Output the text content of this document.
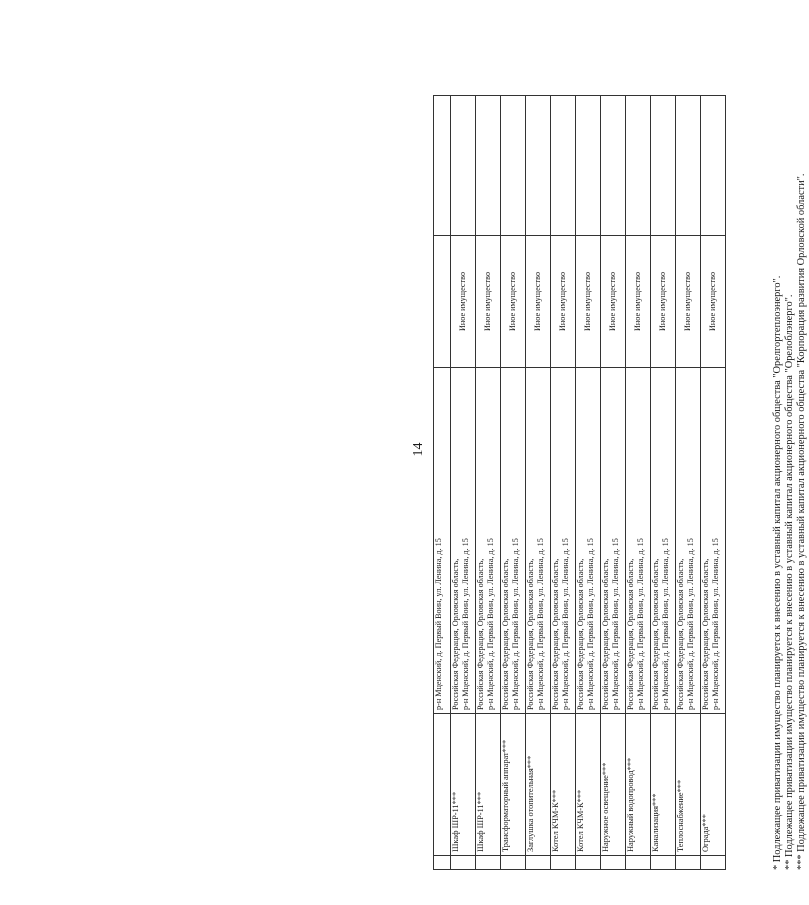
14

		р-н Мценский, д. Первый Воин, ул. Ленина, д. 15		

	Шкаф ШР-11***	Российская Федерация, Орловская область, р-н Мценский, д. Первый Воин, ул. Ленина, д. 15	Иное имущество	
	Шкаф ШР-11***	Российская Федерация, Орловская область, р-н Мценский, д. Первый Воин, ул. Ленина, д. 15	Иное имущество	
	Трансформаторный аппарат***	Российская Федерация, Орловская область, р-н Мценский, д. Первый Воин, ул. Ленина, д. 15	Иное имущество	
	Заглушка отопительная***	Российская Федерация, Орловская область, р-н Мценский, д. Первый Воин, ул. Ленина, д. 15	Иное имущество	
	Котел КЧМ-К***	Российская Федерация, Орловская область, р-н Мценский, д. Первый Воин, ул. Ленина, д. 15	Иное имущество	
	Котел КЧМ-К***	Российская Федерация, Орловская область, р-н Мценский, д. Первый Воин, ул. Ленина, д. 15	Иное имущество	
	Наружное освещение***	Российская Федерация, Орловская область, р-н Мценский, д. Первый Воин, ул. Ленина, д. 15	Иное имущество	
	Наружный водопровод***	Российская Федерация, Орловская область, р-н Мценский, д. Первый Воин, ул. Ленина, д. 15	Иное имущество	
	Канализация***	Российская Федерация, Орловская область, р-н Мценский, д. Первый Воин, ул. Ленина, д. 15	Иное имущество	
	Теплоснабжение***	Российская Федерация, Орловская область, р-н Мценский, д. Первый Воин, ул. Ленина, д. 15	Иное имущество	
	Ограда***	Российская Федерация, Орловская область, р-н Мценский, д. Первый Воин, ул. Ленина, д. 15	Иное имущество		* Подлежащее приватизации имущество планируется к внесению в уставный капитал акционерного общества "Орелгортеплоэнерго". ** Подлежащее приватизации имущество планируется к внесению в уставный капитал акционерного общества "Орелоблэнерго". *** Подлежащее приватизации имущество планируется к внесению в уставный капитал акционерного общества "Корпорация развития Орловской области".
